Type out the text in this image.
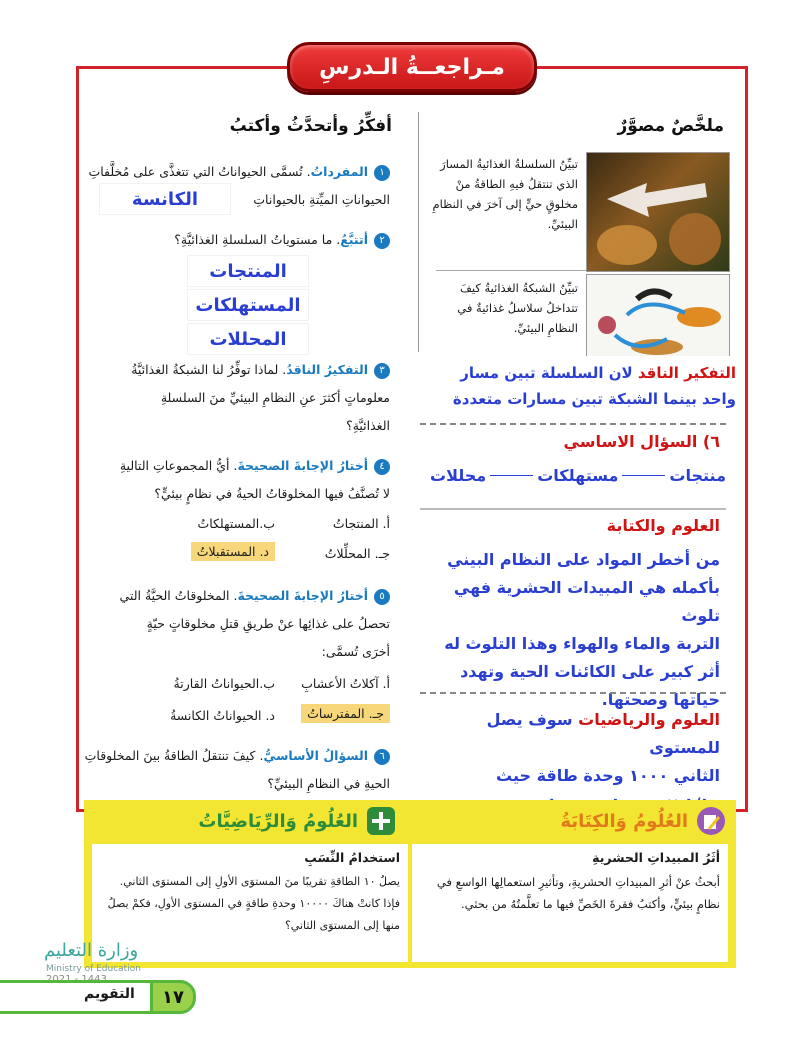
مـراجعــةُ الـدرسِ
أفكِّرُ وأتحدَّثُ وأكتبُ
١المفرداتُ. تُسمَّى الحيواناتُ التي تتغذَّى على مُخلَّفاتِ
الحيواناتِ الميِّتةِ بالحيواناتِ
الكانسة
٢أتتبَّعُ. ما مستوياتُ السلسلةِ الغذائيَّةِ؟
المنتجات
المستهلكات
المحللات
٣التفكيرُ الناقدُ. لماذا توفِّرُ لنا الشبكةُ الغذائيَّةُ
معلوماتٍ أكثرَ عنِ النظامِ البيئيِّ منَ السلسلةِ
الغذائيَّةِ؟
٤أختارُ الإجابةَ الصحيحةَ. أيُّ المجموعاتِ التاليةِ
لا تُصنَّفُ فيها المخلوقاتُ الحيةُ في نظامٍ بيئيٍّ؟
أ. المنتجاتُ
ب.المستهلكاتُ
جـ. المحلِّلاتُ
د. المستقبلاتُ
٥أختارُ الإجابةَ الصحيحةَ. المخلوقاتُ الحيَّةُ التي
تحصلُ على غذائِها عنْ طريقِ قتلِ مخلوقاتٍ حيّةٍ
أخرَى تُسمَّى:
أ. آكلاتُ الأعشابِ
ب.الحيواناتُ القارتةُ
جـ. المفترساتُ
د. الحيواناتُ الكانسةُ
٦السؤالُ الأساسيُّ. كيفَ تنتقلُ الطاقةُ بينَ المخلوقاتِ
الحيةِ في النظامِ البيئيِّ؟
ملخَّصٌ مصوَّرٌ
تبيِّنُ السلسلةُ الغذائيةُ المسارَ
الذي تنتقلُ فيهِ الطاقةُ منْ
مخلوقٍ حيٍّ إلى آخرَ في النظامِ
البيئيِّ.
تبيِّنُ الشبكةُ الغذائيةُ كيفَ
تتداخلُ سلاسلُ غذائيةٌ في
النظامِ البيئيِّ.
التفكير الناقد لان السلسلة تبين مسار
واحد بينما الشبكة تبين مسارات متعددة
٦) السؤال الاساسي
محللات	مستهلكات	منتجات
العلوم والكتابة
من أخطر المواد على النظام البيني
بأكمله هي المبيدات الحشرية فهي تلوث
التربة والماء والهواء وهذا التلوث له
أثر كبير على الكائنات الحية وتهدد
حياتها وصحتها.
العلوم والرياضيات سوف يصل للمستوى
الثاني ١٠٠٠ وحدة طاقة حيث
العُلُومُ وَالكِتَابَةُ
أثَرُ المبيداتِ الحشريةِ
أبحثُ عنْ أثرِ المبيداتِ الحشريةِ، وتأثيرِ استعمالِها الواسعِ في
نظامٍ بيئيٍّ، وأكتبُ فقرةَ الخَصِّ فيها ما تعلَّمتُهُ من بحثي.
العُلُومُ وَالرِّيَاضِيَّاتُ
استخدامُ النِّسَبِ
يصلُ ١٠ الطاقةِ تقريبًا منَ المستوَى الأولِ إلى المستوَى الثاني.
فإذا كانتْ هناكَ ١٠٠٠٠ وحدةِ طاقةٍ في المستوَى الأولِ، فكمْ يصلُ
منها إلى المستوَى الثاني؟
وزارة التعليم
Ministry of Education
التقويم	١٧
